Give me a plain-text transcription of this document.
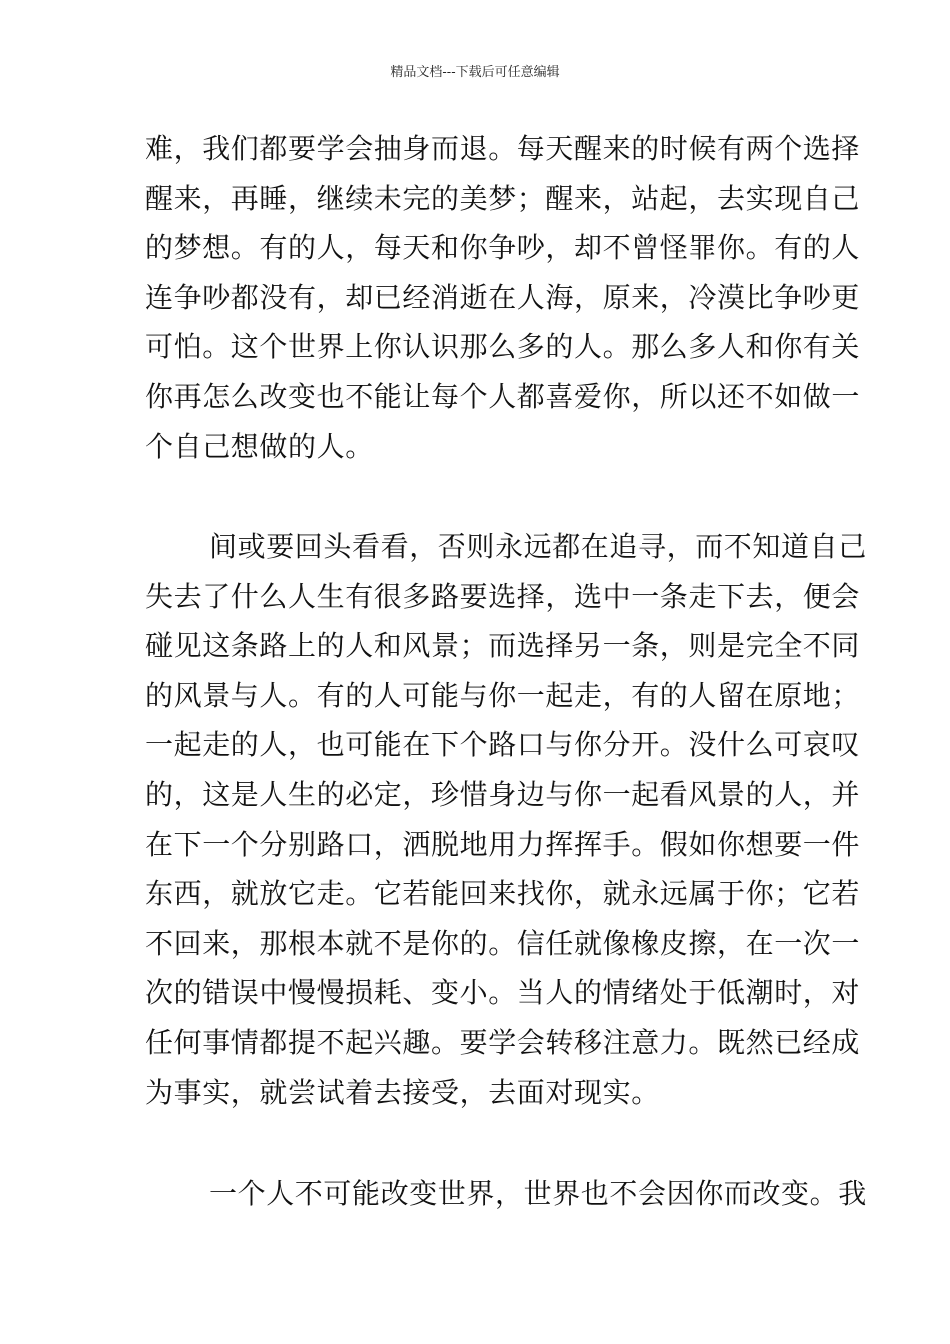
精品文档---下载后可任意编辑
难，我们都要学会抽身而退。每天醒来的时候有两个选择
醒来，再睡，继续未完的美梦；醒来，站起，去实现自己
的梦想。有的人，每天和你争吵，却不曾怪罪你。有的人
连争吵都没有，却已经消逝在人海，原来，冷漠比争吵更
可怕。这个世界上你认识那么多的人。那么多人和你有关
你再怎么改变也不能让每个人都喜爱你，所以还不如做一
个自己想做的人。
间或要回头看看，否则永远都在追寻，而不知道自己
失去了什么人生有很多路要选择，选中一条走下去，便会
碰见这条路上的人和风景；而选择另一条，则是完全不同
的风景与人。有的人可能与你一起走，有的人留在原地；
一起走的人，也可能在下个路口与你分开。没什么可哀叹
的，这是人生的必定，珍惜身边与你一起看风景的人，并
在下一个分别路口，洒脱地用力挥挥手。假如你想要一件
东西，就放它走。它若能回来找你，就永远属于你；它若
不回来，那根本就不是你的。信任就像橡皮擦，在一次一
次的错误中慢慢损耗、变小。当人的情绪处于低潮时，对
任何事情都提不起兴趣。要学会转移注意力。既然已经成
为事实，就尝试着去接受，去面对现实。
一个人不可能改变世界，世界也不会因你而改变。我
